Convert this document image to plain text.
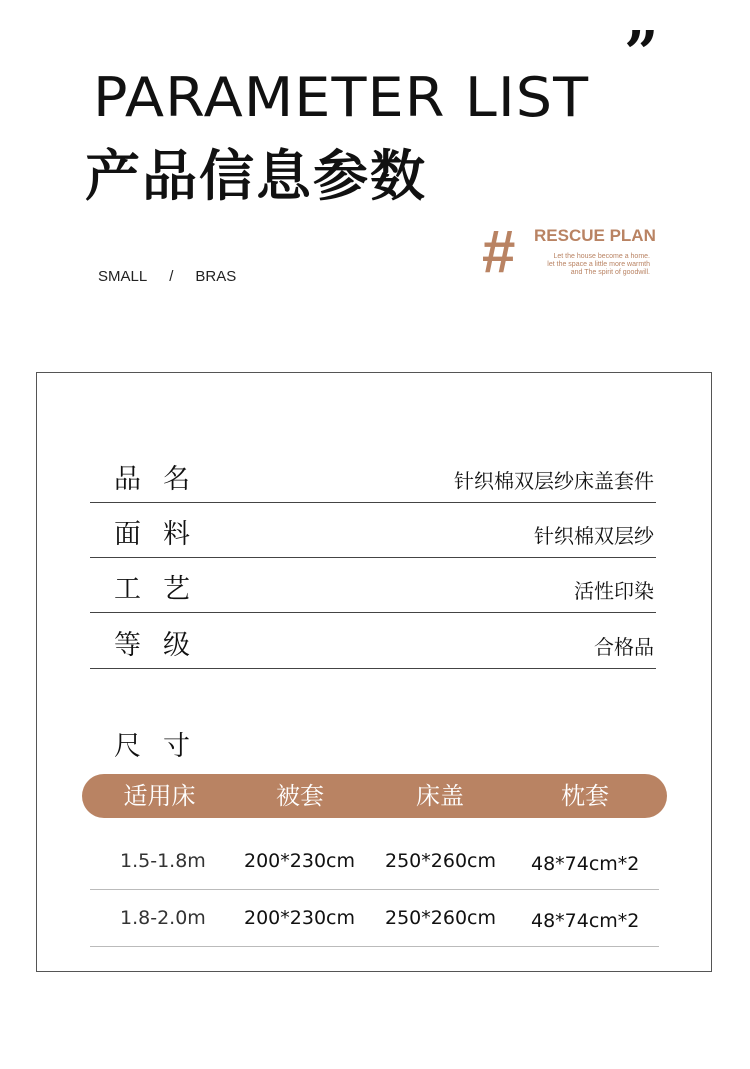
”
PARAMETER LIST
产品信息参数
SMALL / BRAS	# RESCUE PLAN
Let the house become a home.
let the space a little more warmth
and The spirit of goodwill.
品名	针织棉双层纱床盖套件
面料	针织棉双层纱
工艺	活性印染
等级	合格品
尺寸
适用床	被套	床盖	枕套
1.5-1.8m 200*230cm 250*260cm 48*74cm*2
1.8-2.0m 200*230cm 250*260cm 48*74cm*2
